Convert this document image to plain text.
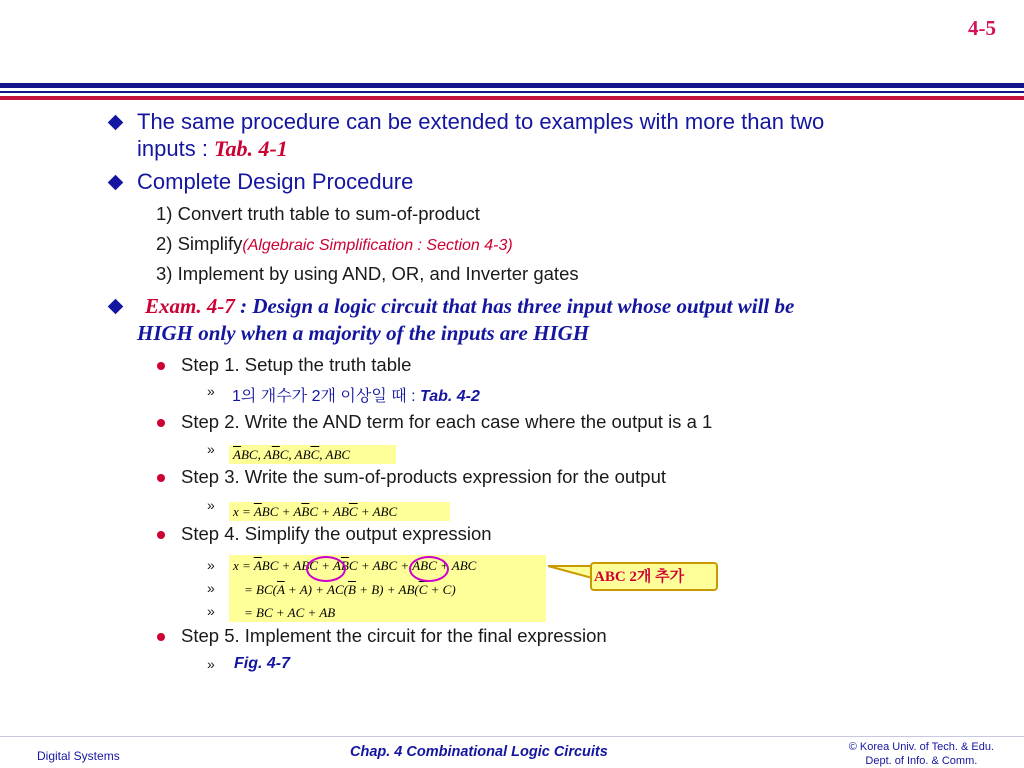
4-5
The same procedure can be extended to examples with more than two
inputs : Tab. 4-1
Complete Design Procedure
1) Convert truth table to sum-of-product
2) Simplify(Algebraic Simplification : Section 4-3)
3) Implement by using AND, OR, and Inverter gates
Exam. 4-7 : Design a logic circuit that has three input whose output will be
HIGH only when a majority of the inputs are HIGH
Step 1. Setup the truth table
» 1의 개수가 2개 이상일 때 : Tab. 4-2
Step 2. Write the AND term for each case where the output is a 1
»	$\overline{A}BC$, $A\overline{B}C$, $AB\overline{C}$, ABC
Step 3. Write the sum-of-products expression for the output
»	$x = \overline{A}BC + A\overline{B}C + AB\overline{C}$ + ABC
Step 4. Simplify the output expression
»
»
»
$x = \overline{A}BC$ + ABC + $A\overline{B}C$ + ABC + $AB\overline{C}$ + ABC
= $BC(\overline{A} + A) + AC(\overline{B} + B) + AB(\overline{C} + C)$
= BC + AC + AB
ABC 2개 추가
Step 5. Implement the circuit for the final expression
» Fig. 4-7
Digital Systems	Chap. 4 Combinational Logic Circuits	© Korea Univ. of Tech. & Edu.
Dept. of Info. & Comm.
